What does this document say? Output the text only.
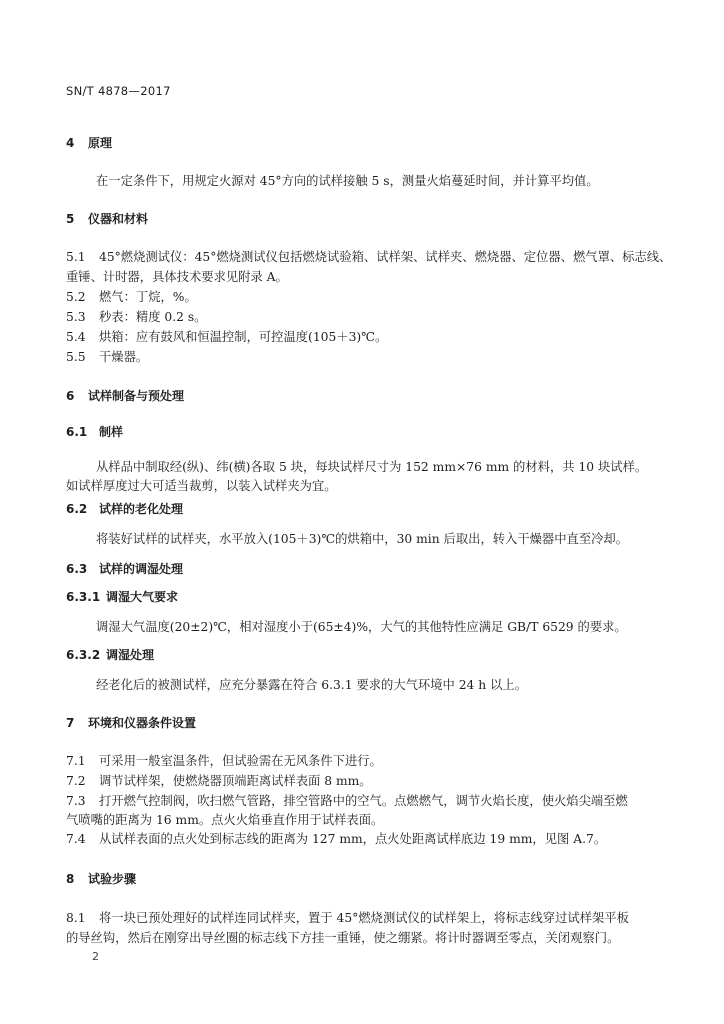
SN/T 4878—2017
4 原理
在一定条件下，用规定火源对 45°方向的试样接触 5 s，测量火焰蔓延时间，并计算平均值。
5 仪器和材料
5.1 45°燃烧测试仪：45°燃烧测试仪包括燃烧试验箱、试样架、试样夹、燃烧器、定位器、燃气罩、标志线、
重锤、计时器，具体技术要求见附录 A。
5.2 燃气：丁烷，%。
5.3 秒表：精度 0.2 s。
5.4 烘箱：应有鼓风和恒温控制，可控温度(105＋3)℃。
5.5 干燥器。
6 试样制备与预处理
6.1 制样
从样品中制取经(纵)、纬(横)各取 5 块，每块试样尺寸为 152 mm×76 mm 的材料，共 10 块试样。
如试样厚度过大可适当裁剪，以装入试样夹为宜。
6.2 试样的老化处理
将装好试样的试样夹，水平放入(105＋3)℃的烘箱中，30 min 后取出，转入干燥器中直至冷却。
6.3 试样的调湿处理
6.3.1 调湿大气要求
调湿大气温度(20±2)℃，相对湿度小于(65±4)%，大气的其他特性应满足 GB/T 6529 的要求。
6.3.2 调湿处理
经老化后的被测试样，应充分暴露在符合 6.3.1 要求的大气环境中 24 h 以上。
7 环境和仪器条件设置
7.1 可采用一般室温条件，但试验需在无风条件下进行。
7.2 调节试样架，使燃烧器顶端距离试样表面 8 mm。
7.3 打开燃气控制阀，吹扫燃气管路，排空管路中的空气。点燃燃气，调节火焰长度，使火焰尖端至燃
气喷嘴的距离为 16 mm。点火火焰垂直作用于试样表面。
7.4 从试样表面的点火处到标志线的距离为 127 mm，点火处距离试样底边 19 mm，见图 A.7。
8 试验步骤
8.1 将一块已预处理好的试样连同试样夹，置于 45°燃烧测试仪的试样架上，将标志线穿过试样架平板
的导丝钩，然后在刚穿出导丝圈的标志线下方挂一重锤，使之绷紧。将计时器调至零点，关闭观察门。
2
